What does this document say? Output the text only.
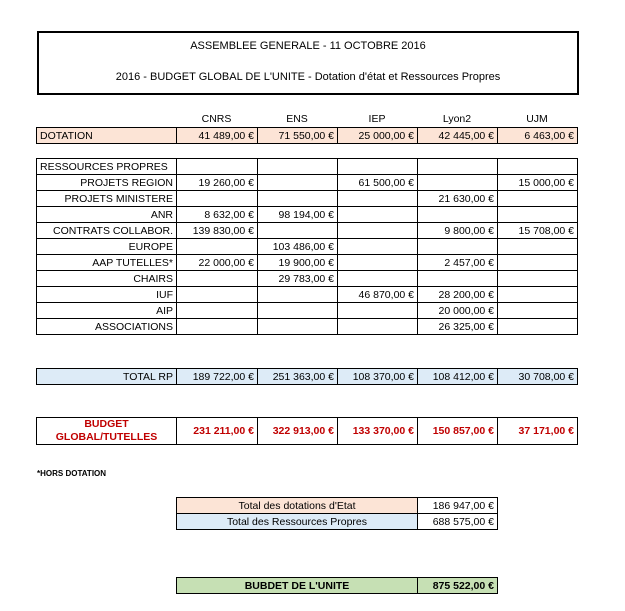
ASSEMBLEE GENERALE - 11 OCTOBRE 2016
2016 - BUDGET GLOBAL DE L'UNITE - Dotation d'état et Ressources Propres
CNRS	ENS	IEP	Lyon2	UJM
DOTATION	41 489,00 €	71 550,00 €	25 000,00 €	42 445,00 €	6 463,00 €
RESSOURCES PROPRES					
PROJETS REGION	19 260,00 €		61 500,00 €		15 000,00 €
PROJETS MINISTERE				21 630,00 €	
ANR	8 632,00 €	98 194,00 €			
CONTRATS COLLABOR.	139 830,00 €			9 800,00 €	15 708,00 €
EUROPE		103 486,00 €			
AAP TUTELLES*	22 000,00 €	19 900,00 €		2 457,00 €	
CHAIRS		29 783,00 €			
IUF			46 870,00 €	28 200,00 €	
AIP				20 000,00 €	
ASSOCIATIONS				26 325,00 €	
TOTAL RP	189 722,00 €	251 363,00 €	108 370,00 €	108 412,00 €	30 708,00 €
BUDGET
GLOBAL/TUTELLES	231 211,00 €	322 913,00 €	133 370,00 €	150 857,00 €	37 171,00 €
*HORS DOTATION
Total des dotations d'Etat	186 947,00 €
Total des Ressources Propres	688 575,00 €
BUBDET DE L'UNITE	875 522,00 €
